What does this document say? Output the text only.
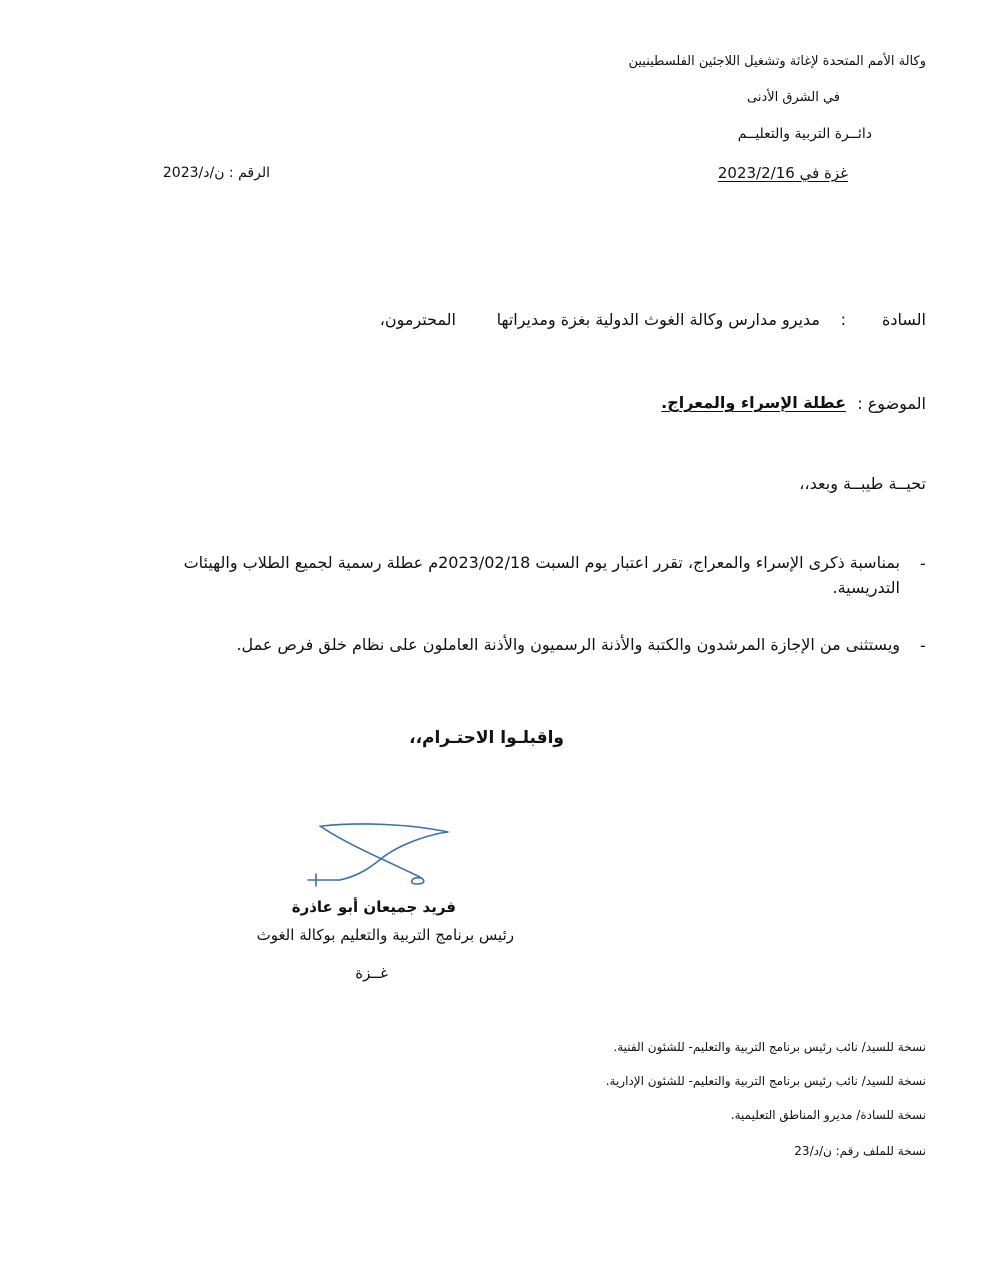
وكالة الأمم المتحدة لإغاثة وتشغيل اللاجئين الفلسطينيين
في الشرق الأدنى
دائــرة التربية والتعليــم
غزة في 2023/2/16
الرقم : ن/د/2023
السادة
:
مديرو مدارس وكالة الغوث الدولية بغزة ومديراتها
المحترمون،
الموضوع :
عطلة الإسراء والمعراج.
تحيــة طيبــة وبعد،،
-
بمناسبة ذكرى الإسراء والمعراج، تقرر اعتبار يوم السبت 2023/02/18م عطلة رسمية لجميع الطلاب والهيئات
التدريسية.
-
ويستثنى من الإجازة المرشدون والكتبة والأذنة الرسميون والأذنة العاملون على نظام خلق فرص عمل.
واقبلـوا الاحتـرام،،
فريد جميعان أبو عاذرة
رئيس برنامج التربية والتعليم بوكالة الغوث
غــزة
نسخة للسيد/ نائب رئيس برنامج التربية والتعليم- للشئون الفنية.
نسخة للسيد/ نائب رئيس برنامج التربية والتعليم- للشئون الإدارية.
نسخة للسادة/ مديرو المناطق التعليمية.
نسخة للملف رقم: ن/د/23
